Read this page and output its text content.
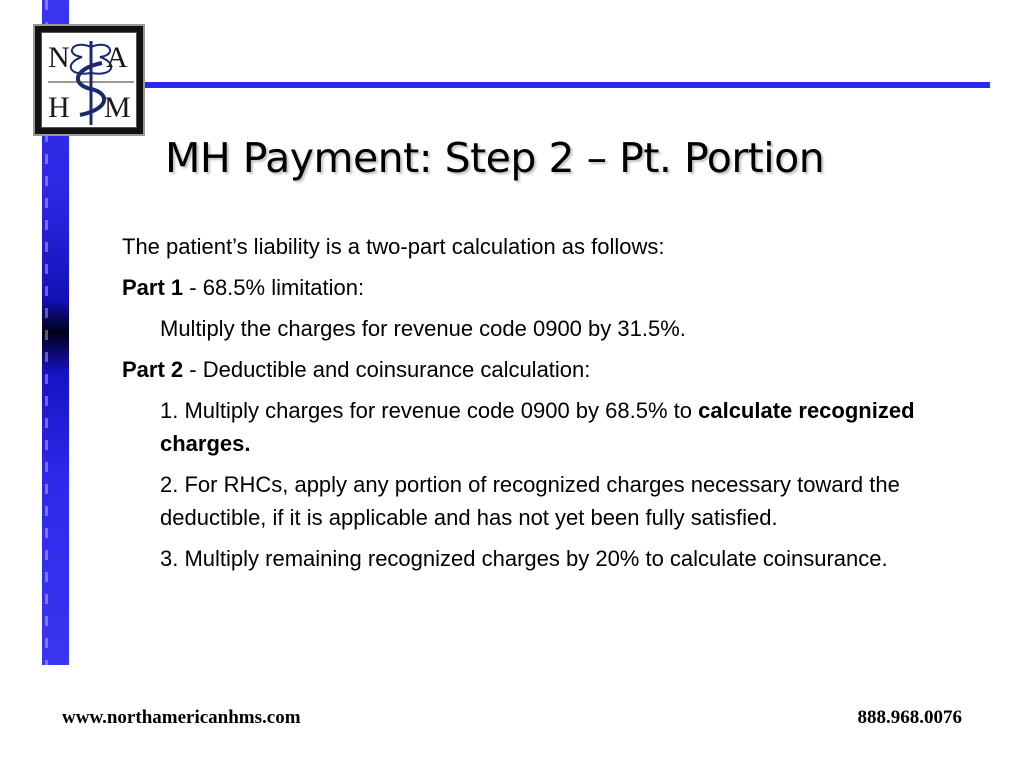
N A
H M
MH Payment: Step 2 – Pt. Portion

The patient’s liability is a two-part calculation as follows:

Part 1 - 68.5% limitation:

Multiply the charges for revenue code 0900 by 31.5%.

Part 2 - Deductible and coinsurance calculation:

1. Multiply charges for revenue code 0900 by 68.5% to calculate recognized charges.

2. For RHCs, apply any portion of recognized charges necessary toward the deductible, if it is applicable and has not yet been fully satisfied.

3. Multiply remaining recognized charges by 20% to calculate coinsurance.

www.northamericanhms.com	888.968.0076
